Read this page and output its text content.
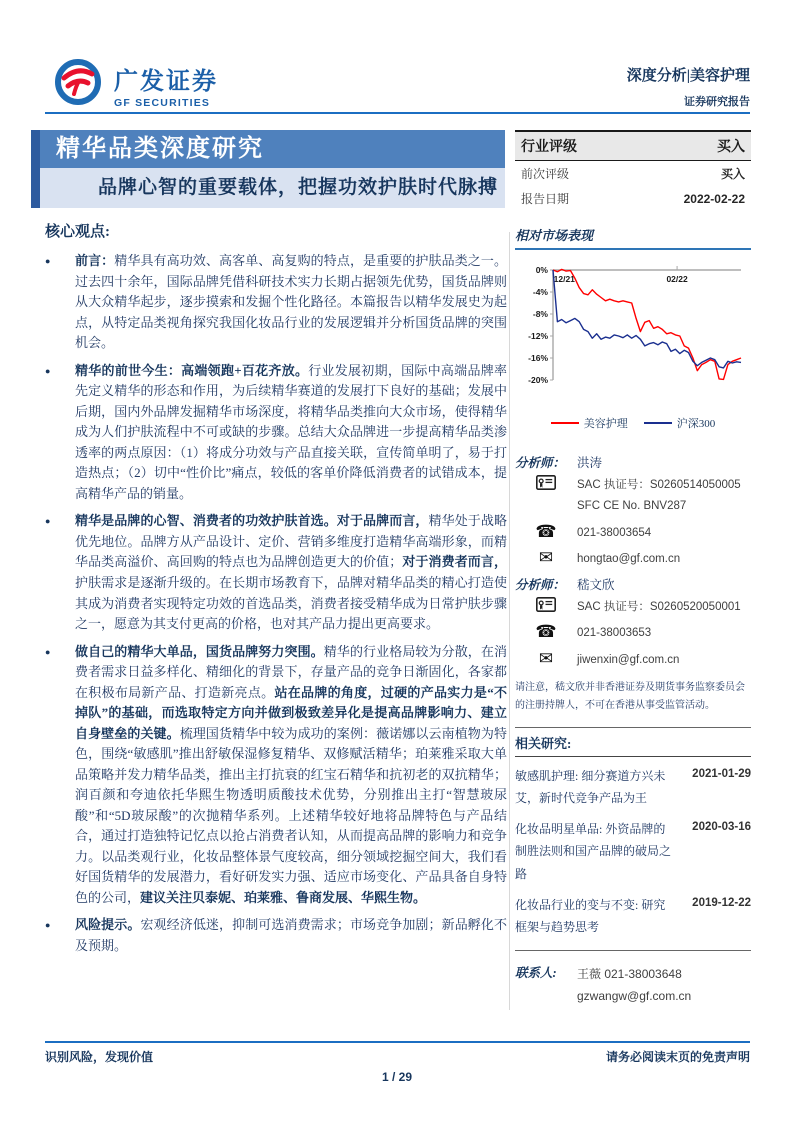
广发证券
GF SECURITIES
深度分析|美容护理
证券研究报告
精华品类深度研究
品牌心智的重要载体，把握功效护肤时代脉搏
核心观点:
●	前言：精华具有高功效、高客单、高复购的特点，是重要的护肤品类之一。过去四十余年，国际品牌凭借科研技术实力长期占据领先优势，国货品牌则从大众精华起步，逐步摸索和发掘个性化路径。本篇报告以精华发展史为起点，从特定品类视角探究我国化妆品行业的发展逻辑并分析国货品牌的突围机会。
●	精华的前世今生：高端领跑+百花齐放。行业发展初期，国际中高端品牌率先定义精华的形态和作用，为后续精华赛道的发展打下良好的基础；发展中后期，国内外品牌发掘精华市场深度，将精华品类推向大众市场，使得精华成为人们护肤流程中不可或缺的步骤。总结大众品牌进一步提高精华品类渗透率的两点原因：（1）将成分功效与产品直接关联，宣传简单明了，易于打造热点；（2）切中“性价比”痛点，较低的客单价降低消费者的试错成本，提高精华产品的销量。
●	精华是品牌的心智、消费者的功效护肤首选。对于品牌而言，精华处于战略优先地位。品牌方从产品设计、定价、营销多维度打造精华高端形象，而精华品类高溢价、高回购的特点也为品牌创造更大的价值；对于消费者而言，护肤需求是逐渐升级的。在长期市场教育下，品牌对精华品类的精心打造使其成为消费者实现特定功效的首选品类，消费者接受精华成为日常护肤步骤之一，愿意为其支付更高的价格，也对其产品力提出更高要求。
●	做自己的精华大单品，国货品牌努力突围。精华的行业格局较为分散，在消费者需求日益多样化、精细化的背景下，存量产品的竞争日渐固化，各家都在积极布局新产品、打造新亮点。站在品牌的角度，过硬的产品实力是“不掉队”的基础，而选取特定方向并做到极致差异化是提高品牌影响力、建立自身壁垒的关键。梳理国货精华中较为成功的案例：薇诺娜以云南植物为特色，围绕“敏感肌”推出舒敏保湿修复精华、双修赋活精华；珀莱雅采取大单品策略并发力精华品类，推出主打抗衰的红宝石精华和抗初老的双抗精华；润百颜和夸迪依托华熙生物透明质酸技术优势，分别推出主打“智慧玻尿酸”和“5D玻尿酸”的次抛精华系列。上述精华较好地将品牌特色与产品结合，通过打造独特记忆点以抢占消费者认知，从而提高品牌的影响力和竞争力。以品类观行业，化妆品整体景气度较高，细分领域挖掘空间大，我们看好国货精华的发展潜力，看好研发实力强、适应市场变化、产品具备自身特色的公司，建议关注贝泰妮、珀莱雅、鲁商发展、华熙生物。
●	风险提示。宏观经济低迷，抑制可选消费需求；市场竞争加剧；新品孵化不及预期。
行业评级	买入
前次评级	买入
报告日期	2022-02-22
相对市场表现
0%
-4%
-8%
-12%
-16%
-20%
12/21	02/22
美容护理	沪深300
分析师： 洪涛
SAC 执证号：S0260514050005
SFC CE No. BNV287
☎ 021-38003654
✉ hongtao@gf.com.cn
分析师： 嵇文欣
SAC 执证号：S0260520050001
☎ 021-38003653
✉ jiwenxin@gf.com.cn
请注意，嵇文欣并非香港证券及期货事务监察委员会的注册持牌人，不可在香港从事受监管活动。
相关研究:
敏感肌护理: 细分赛道方兴未艾，新时代竞争产品为王
2021-01-29
化妆品明星单品: 外资品牌的制胜法则和国产品牌的破局之路
2020-03-16
化妆品行业的变与不变: 研究框架与趋势思考
2019-12-22
联系人:	王薇 021-38003648
gzwangw@gf.com.cn
识别风险，发现价值	请务必阅读末页的免责声明
1 / 29
